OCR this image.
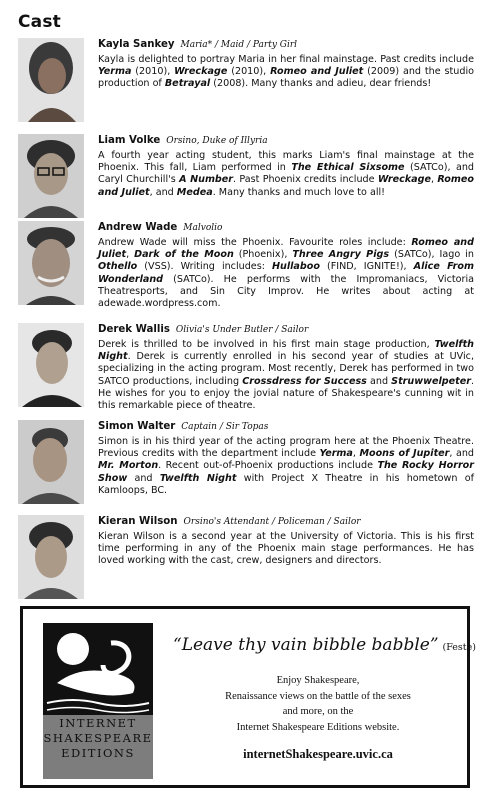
Cast
Kayla Sankey Maria* / Maid / Party Girl

Kayla is delighted to portray Maria in her final mainstage. Past credits include Yerma (2010), Wreckage (2010), Romeo and Juliet (2009) and the studio production of Betrayal (2008). Many thanks and adieu, dear friends!

Liam Volke Orsino, Duke of Illyria

A fourth year acting student, this marks Liam's final mainstage at the Phoenix. This fall, Liam performed in The Ethical Sixsome (SATCo), and Caryl Churchill's A Number. Past Phoenix credits include Wreckage, Romeo and Juliet, and Medea. Many thanks and much love to all!

Andrew Wade Malvolio

Andrew Wade will miss the Phoenix. Favourite roles include: Romeo and Juliet, Dark of the Moon (Phoenix), Three Angry Pigs (SATCo), Iago in Othello (VSS). Writing includes: Hullaboo (FIND, IGNITE!), Alice From Wonderland (SATCo). He performs with the Impromaniacs, Victoria Theatresports, and Sin City Improv. He writes about acting at adewade.wordpress.com.

Derek Wallis Olivia's Under Butler / Sailor

Derek is thrilled to be involved in his first main stage production, Twelfth Night. Derek is currently enrolled in his second year of studies at UVic, specializing in the acting program. Most recently, Derek has performed in two SATCO productions, including Crossdress for Success and Struwwelpeter. He wishes for you to enjoy the jovial nature of Shakespeare's cunning wit in this remarkable piece of theatre.

Simon Walter Captain / Sir Topas

Simon is in his third year of the acting program here at the Phoenix Theatre. Previous credits with the department include Yerma, Moons of Jupiter, and Mr. Morton. Recent out-of-Phoenix productions include The Rocky Horror Show and Twelfth Night with Project X Theatre in his hometown of Kamloops, BC.

Kieran Wilson Orsino's Attendant / Policeman / Sailor

Kieran Wilson is a second year at the University of Victoria. This is his first time performing in any of the Phoenix main stage performances. He has loved working with the cast, crew, designers and directors.

INTERNET
SHAKESPEARE
EDITIONS
“Leave thy vain bibble babble” (Feste)
Enjoy Shakespeare,
Renaissance views on the battle of the sexes
and more, on the
Internet Shakespeare Editions website.
internetShakespeare.uvic.ca
